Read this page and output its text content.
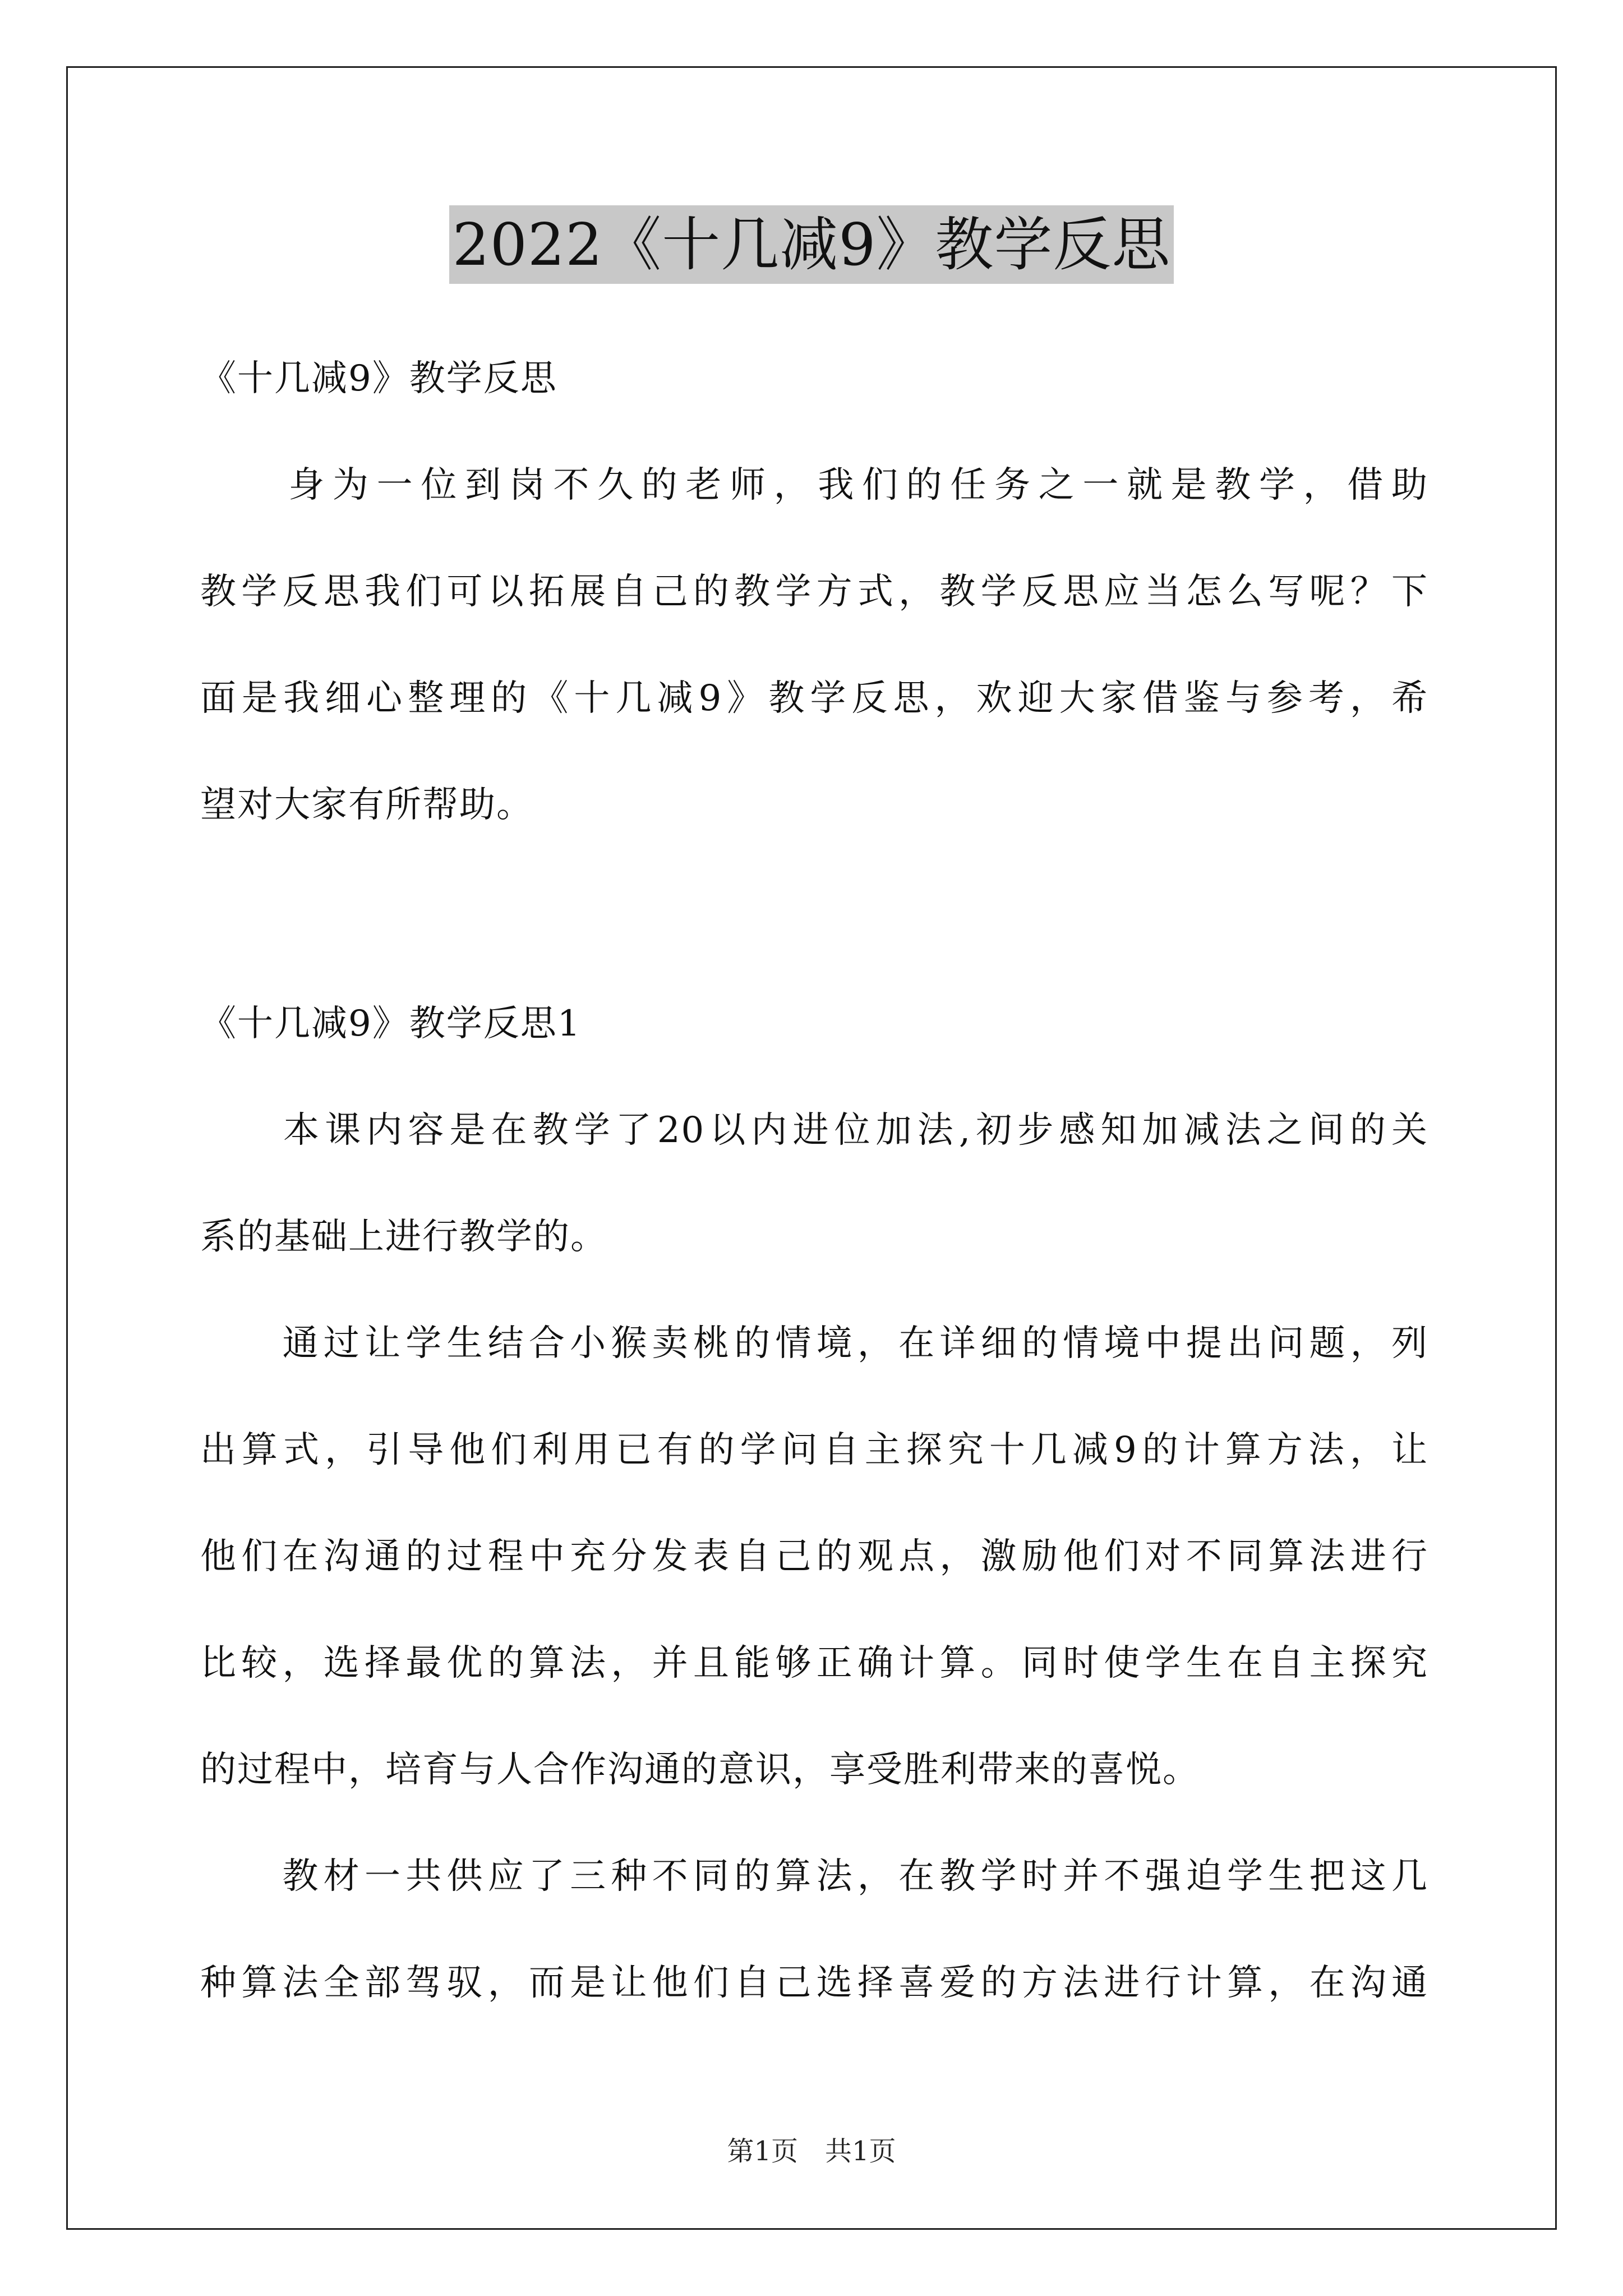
2022《十几减9》教学反思
《十几减9》教学反思
　　身为一位到岗不久的老师，我们的任务之一就是教学，借助
教学反思我们可以拓展自己的教学方式，教学反思应当怎么写呢？下
面是我细心整理的《十几减9》教学反思，欢迎大家借鉴与参考，希
望对大家有所帮助。
《十几减9》教学反思1
　　本课内容是在教学了20以内进位加法,初步感知加减法之间的关
系的基础上进行教学的。
　　通过让学生结合小猴卖桃的情境，在详细的情境中提出问题，列
出算式，引导他们利用已有的学问自主探究十几减9的计算方法，让
他们在沟通的过程中充分发表自己的观点，激励他们对不同算法进行
比较，选择最优的算法，并且能够正确计算。同时使学生在自主探究
的过程中，培育与人合作沟通的意识，享受胜利带来的喜悦。
　　教材一共供应了三种不同的算法，在教学时并不强迫学生把这几
种算法全部驾驭，而是让他们自己选择喜爱的方法进行计算，在沟通
第1页　共1页
